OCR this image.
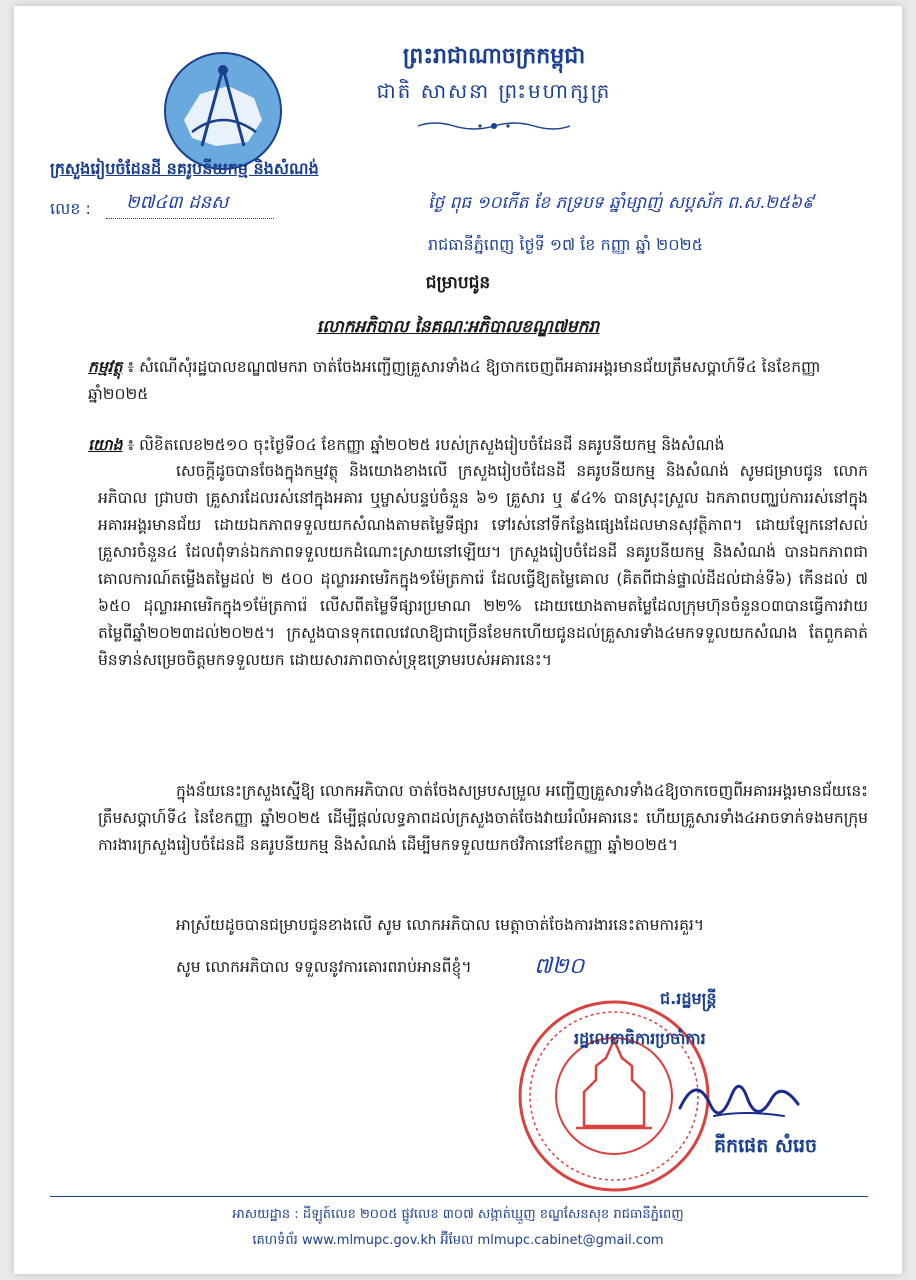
ព្រះរាជាណាចក្រកម្ពុជា
ជាតិ សាសនា ព្រះមហាក្សត្រ
ក្រសួងរៀបចំដែនដី នគរូបនីយកម្ម និងសំណង់
លេខ : ២៧៤៣ ដនស	ថ្ងៃ ពុធ ១០កើត ខែ ភទ្របទ ឆ្នាំម្សាញ់ សប្តស័ក ព.ស.២៥៦៩
រាជធានីភ្នំពេញ ថ្ងៃទី ១៧ ខែ កញ្ញា ឆ្នាំ ២០២៥
ជម្រាបជូន
លោកអភិបាល នៃគណៈអភិបាលខណ្ឌ៧មករា
កម្មវត្ថុ ៖ សំណើសុំរដ្ឋបាលខណ្ឌ៧មករា ចាត់ចែងអញ្ជើញគ្រួសារទាំង៤ ឱ្យចាកចេញពីអគារអង្គរមានជ័យត្រឹមសប្តាហ៍ទី៤ នៃខែកញ្ញា ឆ្នាំ២០២៥
យោង ៖ លិខិតលេខ២៥១០ ចុះថ្ងៃទី០៤ ខែកញ្ញា ឆ្នាំ២០២៥ របស់ក្រសួងរៀបចំដែនដី នគរូបនីយកម្ម និងសំណង់
សេចក្តីដូចបានចែងក្នុងកម្មវត្ថុ និងយោងខាងលើ ក្រសួងរៀបចំដែនដី នគរូបនីយកម្ម និងសំណង់ សូមជម្រាបជូន លោកអភិបាល ជ្រាបថា គ្រួសារដែលរស់នៅក្នុងអគារ ឬម្ចាស់បន្ទប់ចំនួន ៦១ គ្រួសារ ឬ ៩៤% បានស្រុះស្រួល ឯកភាពបញ្ឈប់ការរស់នៅក្នុងអគារអង្គរមានជ័យ ដោយឯកភាពទទួលយកសំណងតាមតម្លៃទីផ្សារ ទៅរស់នៅទីកន្លែងផ្សេងដែលមានសុវត្ថិភាព។ ដោយឡែកនៅសល់គ្រួសារចំនួន៤ ដែលពុំទាន់ឯកភាពទទួលយកដំណោះស្រាយនៅឡើយ។ ក្រសួងរៀបចំដែនដី នគរូបនីយកម្ម និងសំណង់ បានឯកភាពជាគោលការណ៍តម្លើងតម្លៃដល់ ២ ៥០០ ដុល្លារអាមេរិកក្នុង១ម៉ែត្រការ៉េ ដែលធ្វើឱ្យតម្លៃគោល (គិតពីជាន់ផ្ទាល់ដីដល់ជាន់ទី៦) កើនដល់ ៧ ៦៥០ ដុល្លារអាមេរិកក្នុង១ម៉ែត្រការ៉េ លើសពីតម្លៃទីផ្សារប្រមាណ ២២% ដោយយោងតាមតម្លៃដែលក្រុមហ៊ុនចំនួន០៣បានធ្វើការវាយតម្លៃពីឆ្នាំ២០២៣ដល់២០២៥។ ក្រសួងបានទុកពេលវេលាឱ្យជាច្រើនខែមកហើយជូនដល់គ្រួសារទាំង៤មកទទួលយកសំណង តែពួកគាត់មិនទាន់សម្រេចចិត្តមកទទួលយក ដោយសារភាពចាស់ទ្រុឌទ្រោមរបស់អគារនេះ។
ក្នុងន័យនេះក្រសួងស្នើឱ្យ លោកអភិបាល ចាត់ចែងសម្របសម្រួល អញ្ជើញគ្រួសារទាំង៤ឱ្យចាកចេញពីអគារអង្គរមានជ័យនេះត្រឹមសប្តាហ៍ទី៤ នៃខែកញ្ញា ឆ្នាំ២០២៥ ដើម្បីផ្តល់លទ្ធភាពដល់ក្រសួងចាត់ចែងវាយរំលំអគារនេះ ហើយគ្រួសារទាំង៤អាចទាក់ទងមកក្រុមការងារក្រសួងរៀបចំដែនដី នគរូបនីយកម្ម និងសំណង់ ដើម្បីមកទទួលយកថវិកានៅខែកញ្ញា ឆ្នាំ២០២៥។
អាស្រ័យដូចបានជម្រាបជូនខាងលើ សូម លោកអភិបាល មេត្តាចាត់ចែងការងារនេះតាមការគួរ។
សូម លោកអភិបាល ទទួលនូវការគោរពរាប់អានពីខ្ញុំ។	៧២០
ជ.រដ្ឋមន្ត្រី
រដ្ឋលេខាធិការប្រចាំការ
គីកផេត សំរេច
អាសយដ្ឋាន : ដីឡូត៍លេខ ២០០៥ ផ្លូវលេខ ៣០៧ សង្កាត់ឃ្មួញ ខណ្ឌសែនសុខ រាជធានីភ្នំពេញ
គេហទំព័រ www.mlmupc.gov.kh អ៊ីមែល mlmupc.cabinet@gmail.com
